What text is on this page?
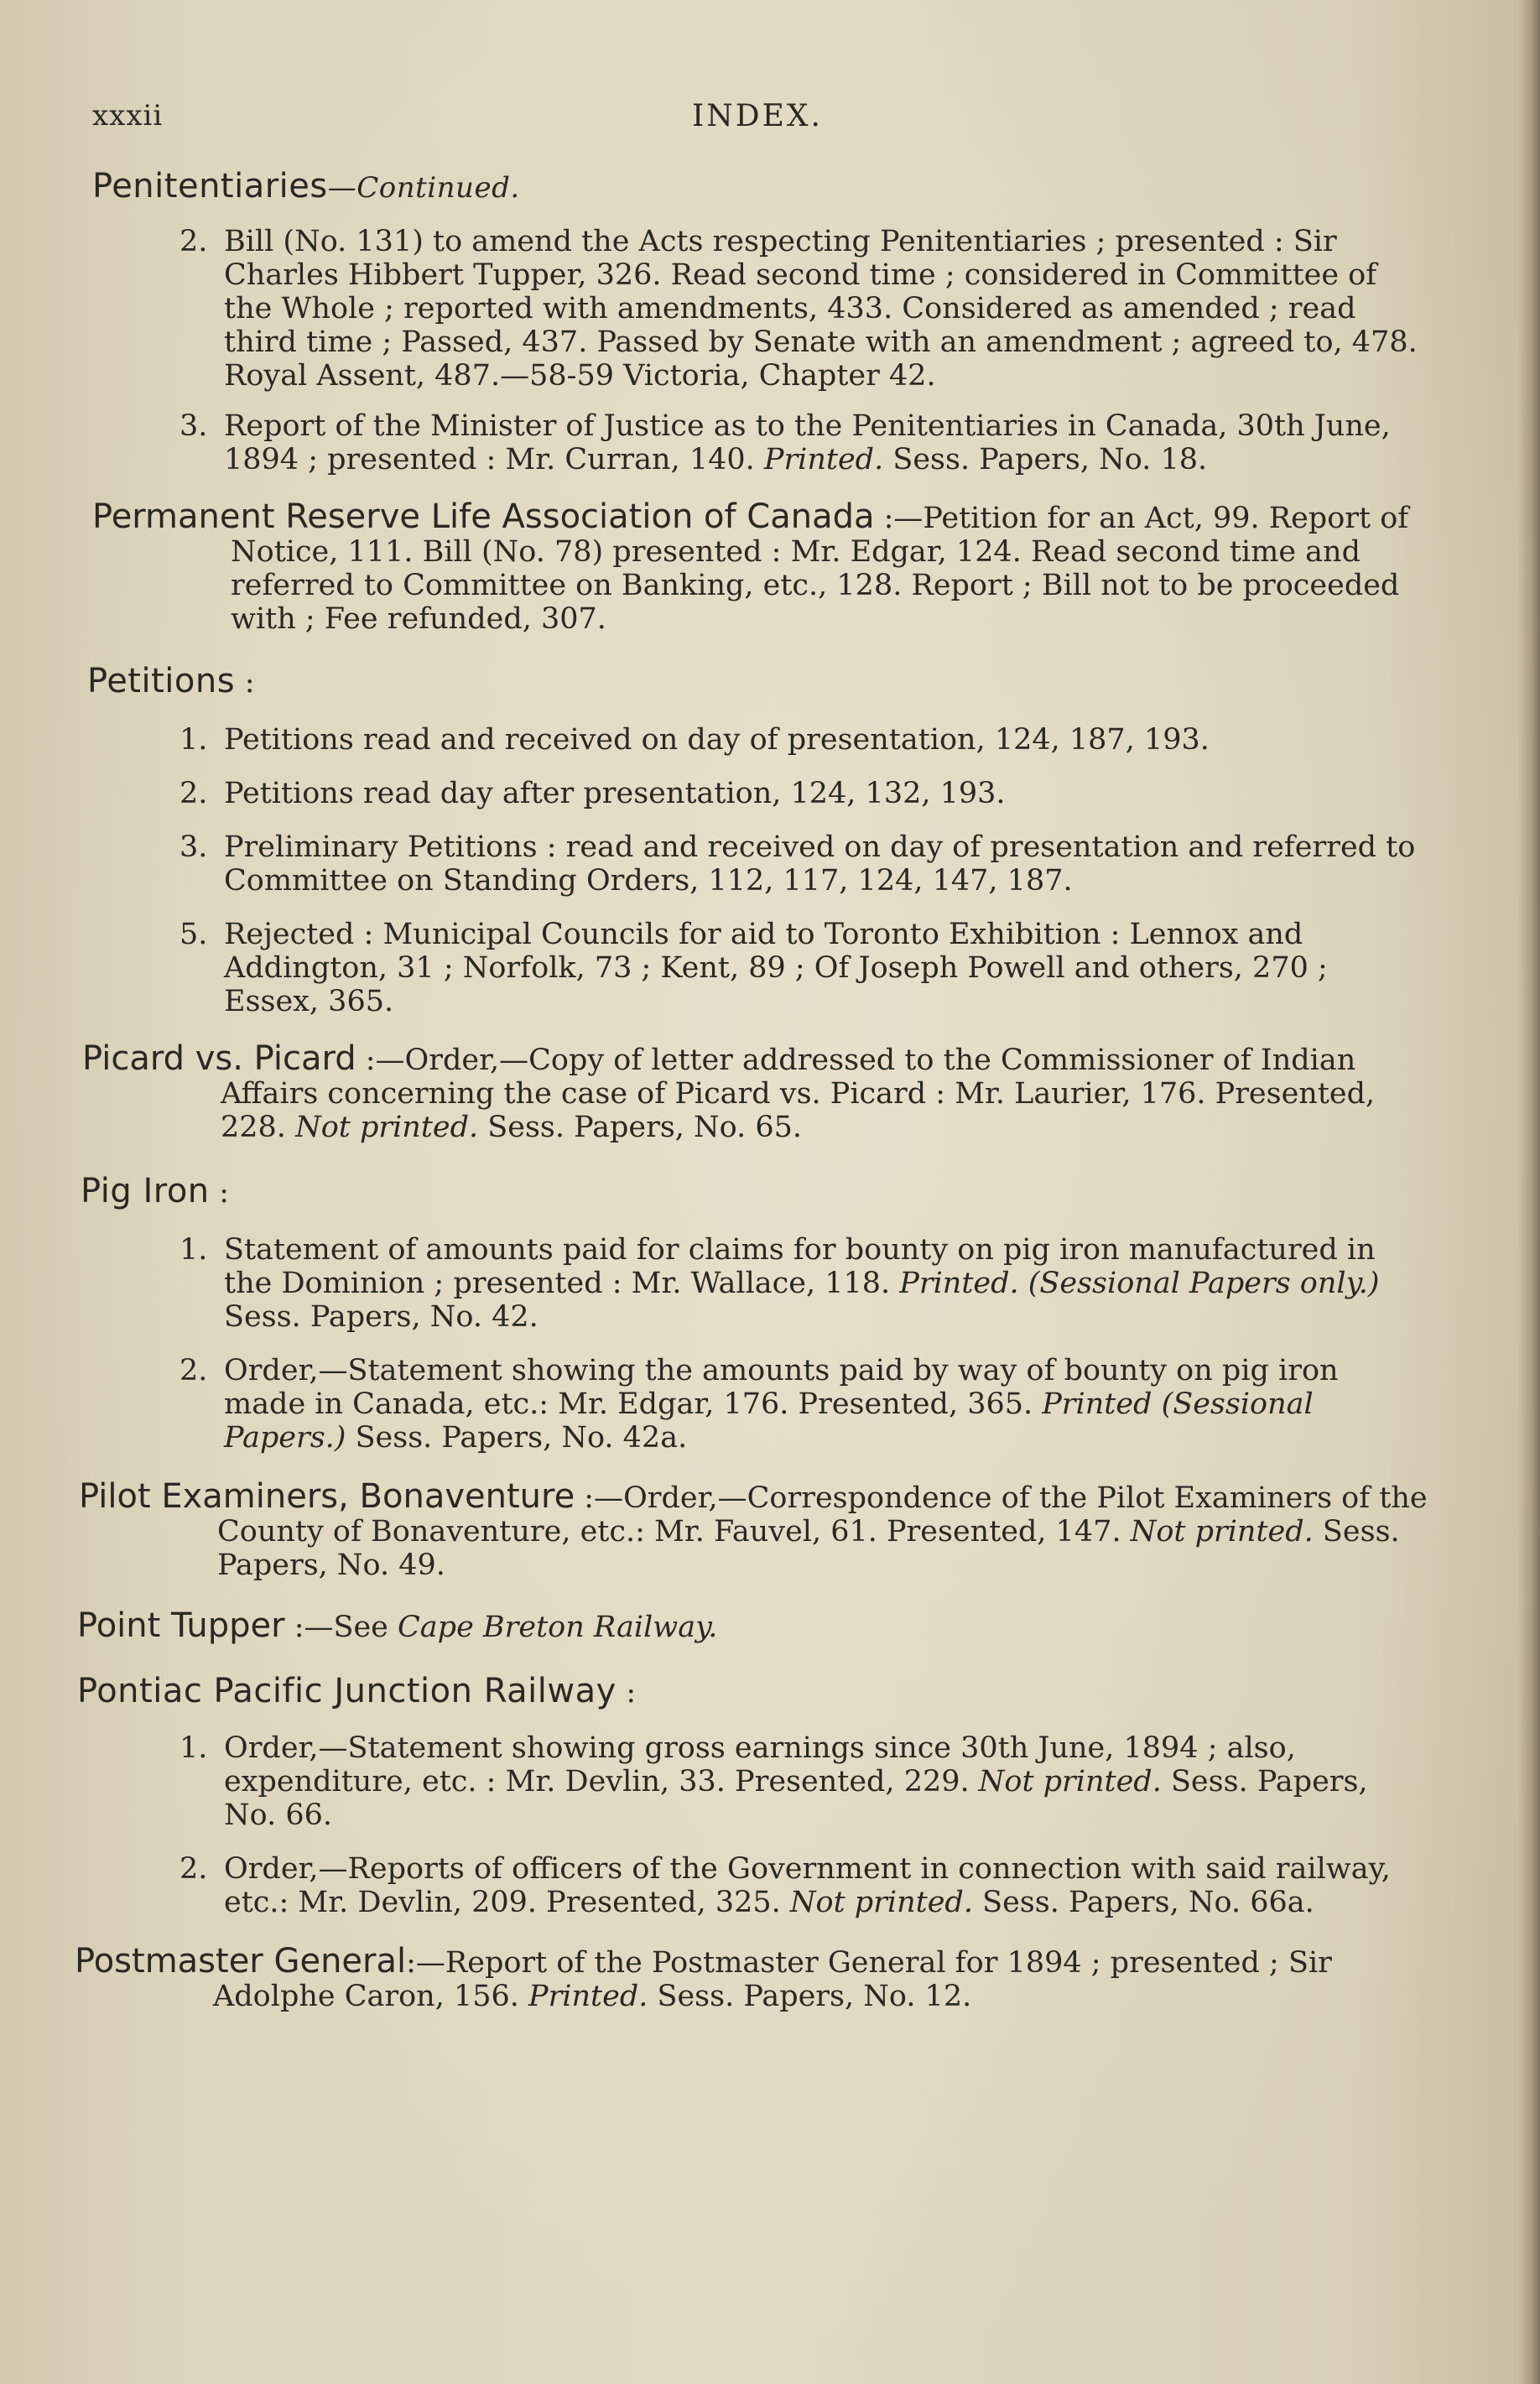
xxxii	INDEX.
Penitentiaries—Continued.
2. Bill (No. 131) to amend the Acts respecting Penitentiaries ; presented : Sir Charles Hibbert Tupper, 326. Read second time ; considered in Committee of the Whole ; reported with amendments, 433. Considered as amended ; read third time ; Passed, 437. Passed by Senate with an amendment ; agreed to, 478. Royal Assent, 487.—58-59 Victoria, Chapter 42.
3. Report of the Minister of Justice as to the Penitentiaries in Canada, 30th June, 1894 ; presented : Mr. Curran, 140. Printed. Sess. Papers, No. 18.
Permanent Reserve Life Association of Canada :—Petition for an Act, 99. Report of Notice, 111. Bill (No. 78) presented : Mr. Edgar, 124. Read second time and referred to Committee on Banking, etc., 128. Report ; Bill not to be proceeded with ; Fee refunded, 307.
Petitions :
1. Petitions read and received on day of presentation, 124, 187, 193.
2. Petitions read day after presentation, 124, 132, 193.
3. Preliminary Petitions : read and received on day of presentation and referred to Committee on Standing Orders, 112, 117, 124, 147, 187.
5. Rejected : Municipal Councils for aid to Toronto Exhibition : Lennox and Addington, 31 ; Norfolk, 73 ; Kent, 89 ; Of Joseph Powell and others, 270 ; Essex, 365.
Picard vs. Picard :—Order,—Copy of letter addressed to the Commissioner of Indian Affairs concerning the case of Picard vs. Picard : Mr. Laurier, 176. Presented, 228. Not printed. Sess. Papers, No. 65.
Pig Iron :
1. Statement of amounts paid for claims for bounty on pig iron manufactured in the Dominion ; presented : Mr. Wallace, 118. Printed. (Sessional Papers only.) Sess. Papers, No. 42.
2. Order,—Statement showing the amounts paid by way of bounty on pig iron made in Canada, etc.: Mr. Edgar, 176. Presented, 365. Printed (Sessional Papers.) Sess. Papers, No. 42a.
Pilot Examiners, Bonaventure :—Order,—Correspondence of the Pilot Examiners of the County of Bonaventure, etc.: Mr. Fauvel, 61. Presented, 147. Not printed. Sess. Papers, No. 49.
Point Tupper :—See Cape Breton Railway.
Pontiac Pacific Junction Railway :
1. Order,—Statement showing gross earnings since 30th June, 1894 ; also, expenditure, etc. : Mr. Devlin, 33. Presented, 229. Not printed. Sess. Papers, No. 66.
2. Order,—Reports of officers of the Government in connection with said railway, etc.: Mr. Devlin, 209. Presented, 325. Not printed. Sess. Papers, No. 66a.
Postmaster General:—Report of the Postmaster General for 1894 ; presented ; Sir Adolphe Caron, 156. Printed. Sess. Papers, No. 12.
